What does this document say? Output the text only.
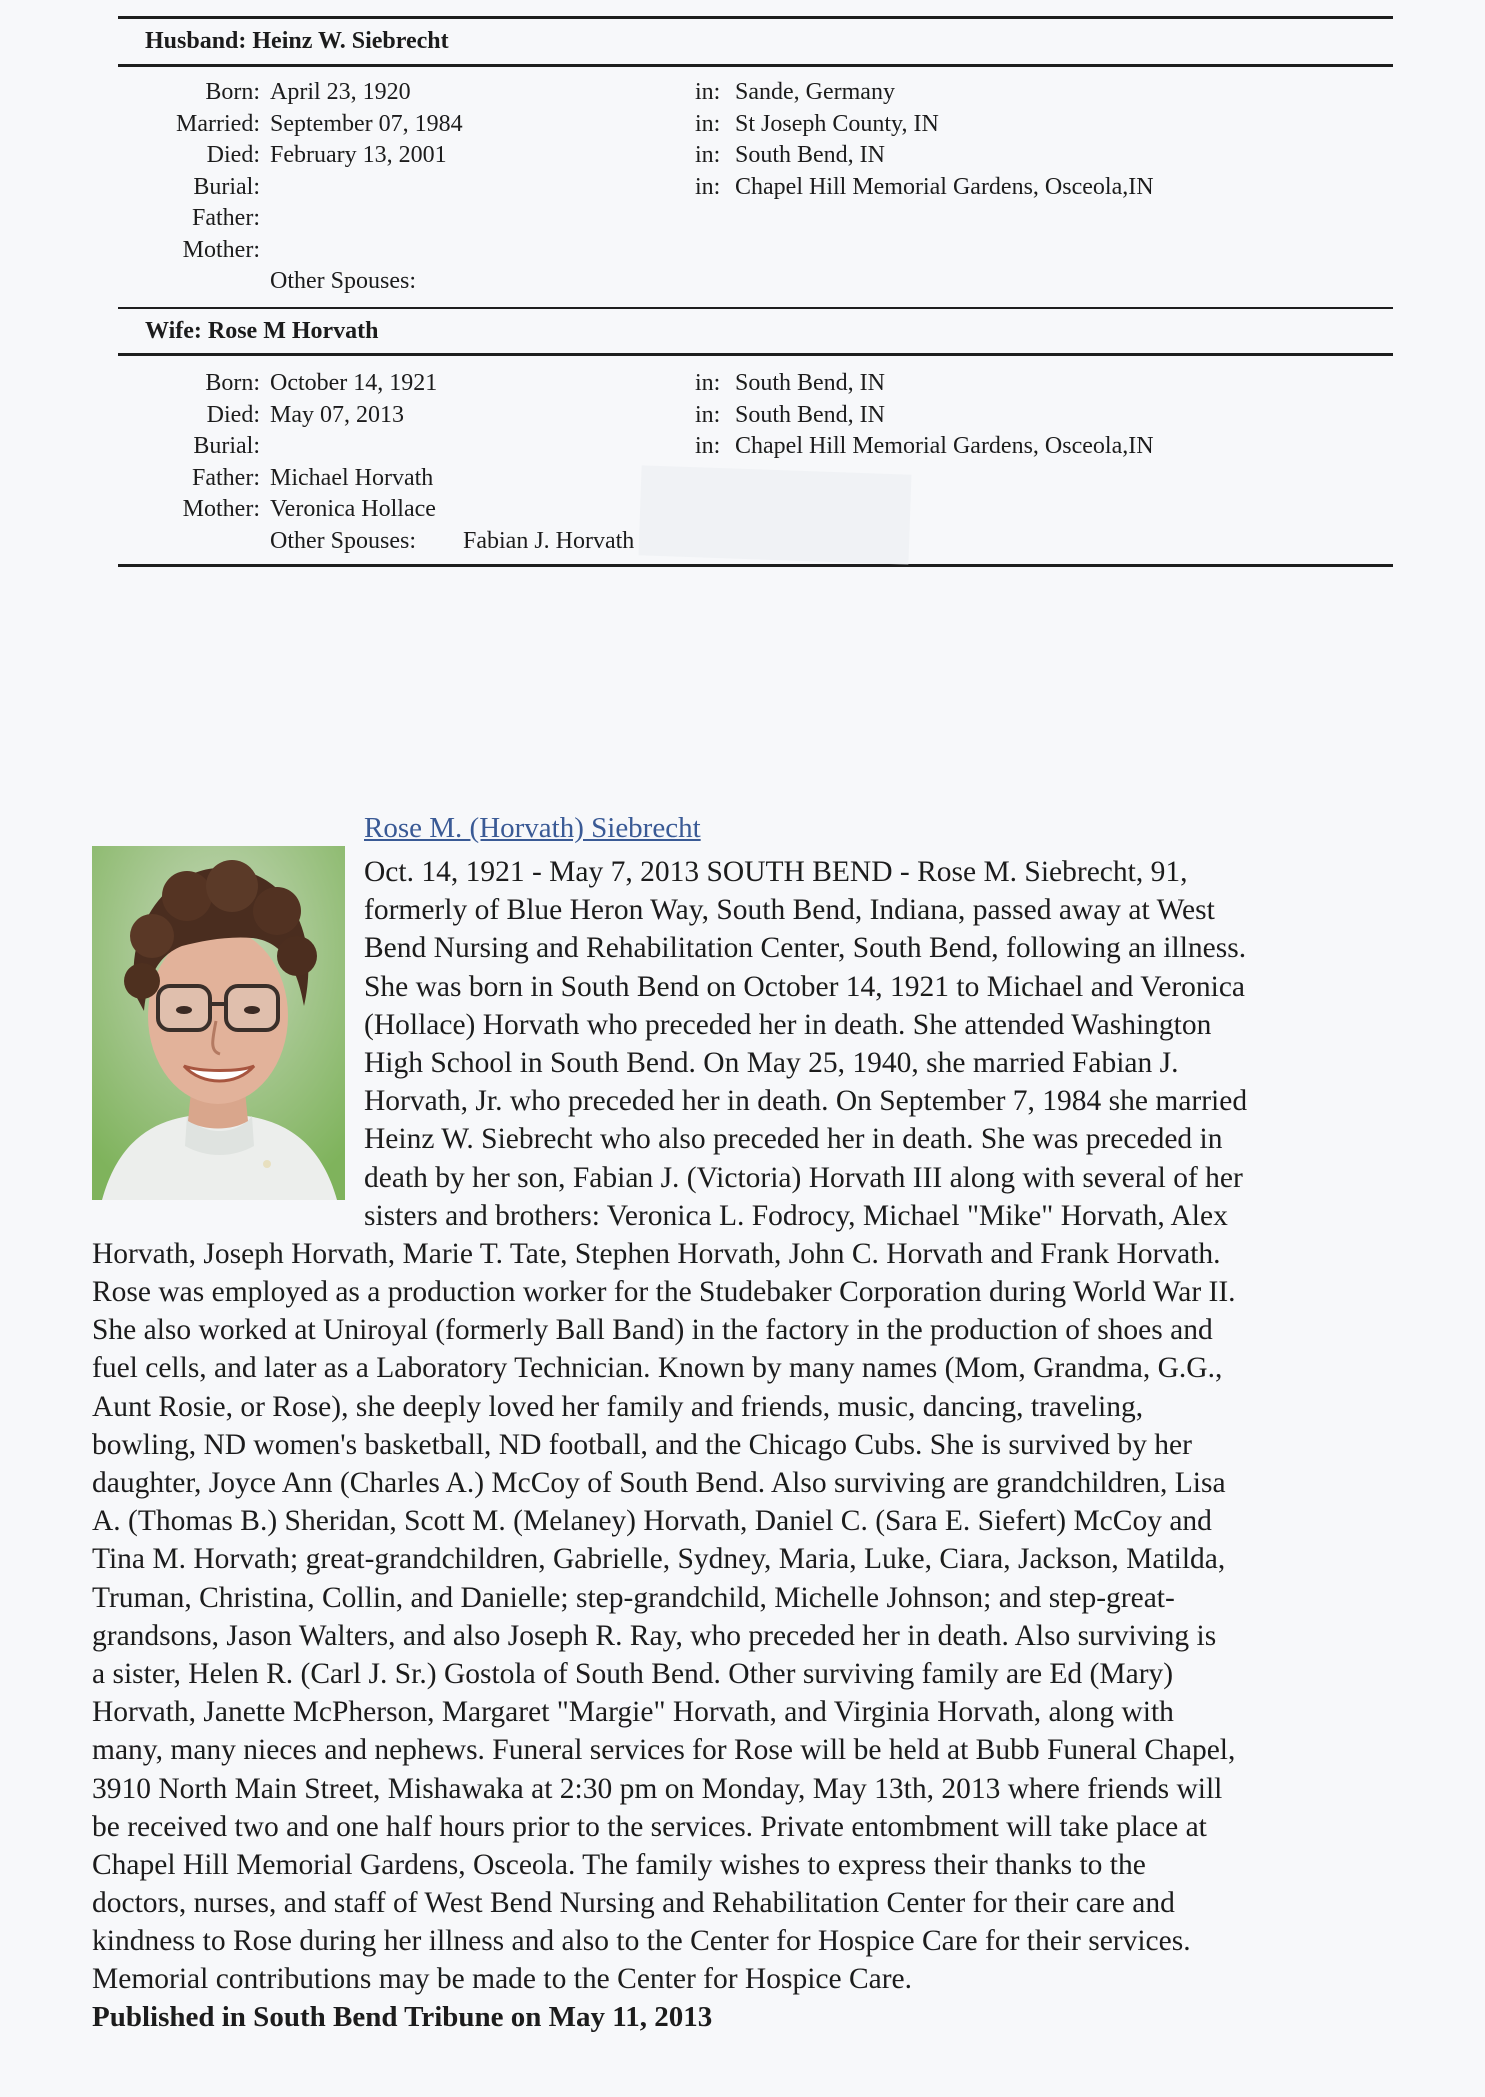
Husband: Heinz W. Siebrecht
Born: April 23, 1920	in: Sande, Germany
Married: September 07, 1984	in: St Joseph County, IN
Died: February 13, 2001	in: South Bend, IN
Burial:	in: Chapel Hill Memorial Gardens, Osceola,IN
Father:
Mother:
Other Spouses:
Wife: Rose M Horvath
Born: October 14, 1921	in: South Bend, IN
Died: May 07, 2013	in: South Bend, IN
Burial:	in: Chapel Hill Memorial Gardens, Osceola,IN
Father: Michael Horvath
Mother: Veronica Hollace
Other Spouses: Fabian J. Horvath
Rose M. (Horvath) Siebrecht
Oct. 14, 1921 - May 7, 2013 SOUTH BEND - Rose M. Siebrecht, 91,
formerly of Blue Heron Way, South Bend, Indiana, passed away at West
Bend Nursing and Rehabilitation Center, South Bend, following an illness.
She was born in South Bend on October 14, 1921 to Michael and Veronica
(Hollace) Horvath who preceded her in death. She attended Washington
High School in South Bend. On May 25, 1940, she married Fabian J.
Horvath, Jr. who preceded her in death. On September 7, 1984 she married
Heinz W. Siebrecht who also preceded her in death. She was preceded in
death by her son, Fabian J. (Victoria) Horvath III along with several of her
sisters and brothers: Veronica L. Fodrocy, Michael "Mike" Horvath, Alex
Horvath, Joseph Horvath, Marie T. Tate, Stephen Horvath, John C. Horvath and Frank Horvath.
Rose was employed as a production worker for the Studebaker Corporation during World War II.
She also worked at Uniroyal (formerly Ball Band) in the factory in the production of shoes and
fuel cells, and later as a Laboratory Technician. Known by many names (Mom, Grandma, G.G.,
Aunt Rosie, or Rose), she deeply loved her family and friends, music, dancing, traveling,
bowling, ND women's basketball, ND football, and the Chicago Cubs. She is survived by her
daughter, Joyce Ann (Charles A.) McCoy of South Bend. Also surviving are grandchildren, Lisa
A. (Thomas B.) Sheridan, Scott M. (Melaney) Horvath, Daniel C. (Sara E. Siefert) McCoy and
Tina M. Horvath; great-grandchildren, Gabrielle, Sydney, Maria, Luke, Ciara, Jackson, Matilda,
Truman, Christina, Collin, and Danielle; step-grandchild, Michelle Johnson; and step-great-
grandsons, Jason Walters, and also Joseph R. Ray, who preceded her in death. Also surviving is
a sister, Helen R. (Carl J. Sr.) Gostola of South Bend. Other surviving family are Ed (Mary)
Horvath, Janette McPherson, Margaret "Margie" Horvath, and Virginia Horvath, along with
many, many nieces and nephews. Funeral services for Rose will be held at Bubb Funeral Chapel,
3910 North Main Street, Mishawaka at 2:30 pm on Monday, May 13th, 2013 where friends will
be received two and one half hours prior to the services. Private entombment will take place at
Chapel Hill Memorial Gardens, Osceola. The family wishes to express their thanks to the
doctors, nurses, and staff of West Bend Nursing and Rehabilitation Center for their care and
kindness to Rose during her illness and also to the Center for Hospice Care for their services.
Memorial contributions may be made to the Center for Hospice Care.
Published in South Bend Tribune on May 11, 2013
